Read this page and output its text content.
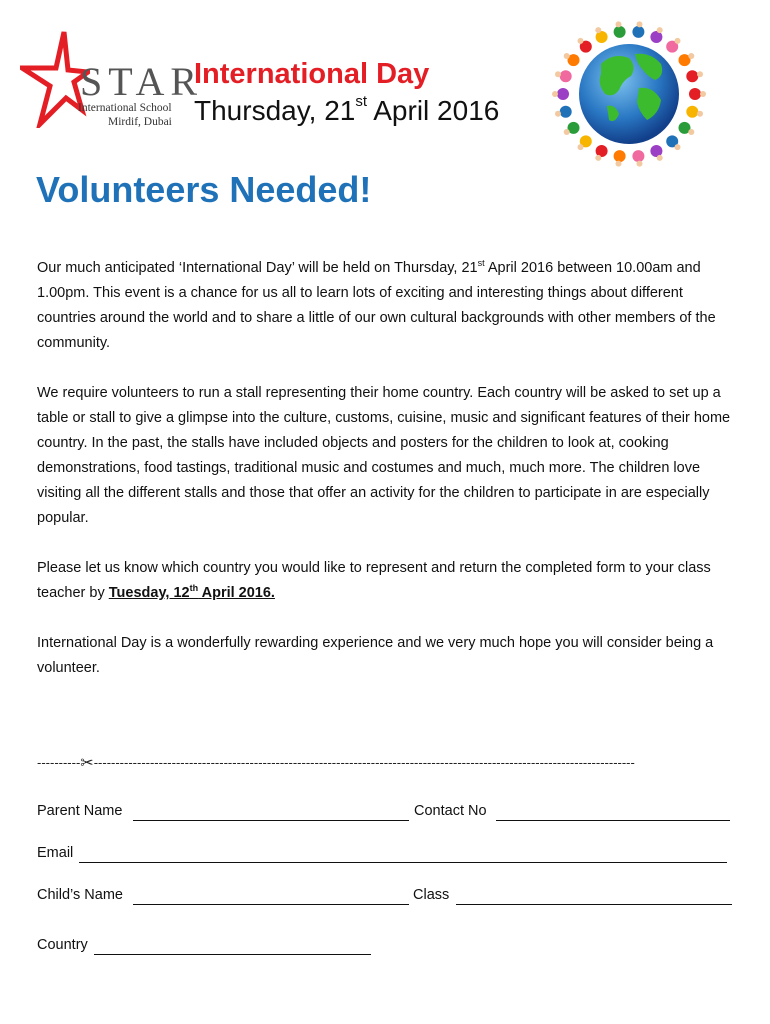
STAR
International School
Mirdif, Dubai
International Day
Thursday, 21st April 2016
Volunteers Needed!

Our much anticipated ‘International Day’ will be held on Thursday, 21st April 2016 between 10.00am and 1.00pm. This event is a chance for us all to learn lots of exciting and interesting things about different countries around the world and to share a little of our own cultural backgrounds with other members of the community.

We require volunteers to run a stall representing their home country. Each country will be asked to set up a table or stall to give a glimpse into the culture, customs, cuisine, music and significant features of their home country. In the past, the stalls have included objects and posters for the children to look at, cooking demonstrations, food tastings, traditional music and costumes and much, much more. The children love visiting all the different stalls and those that offer an activity for the children to participate in are especially popular.

Please let us know which country you would like to represent and return the completed form to your class teacher by Tuesday, 12th April 2016.

International Day is a wonderfully rewarding experience and we very much hope you will consider being a volunteer.

----------✂-----------------------------------------------------------------------------------------------------------------------------
Parent Name	Contact No
Email
Child’s Name	Class
Country
